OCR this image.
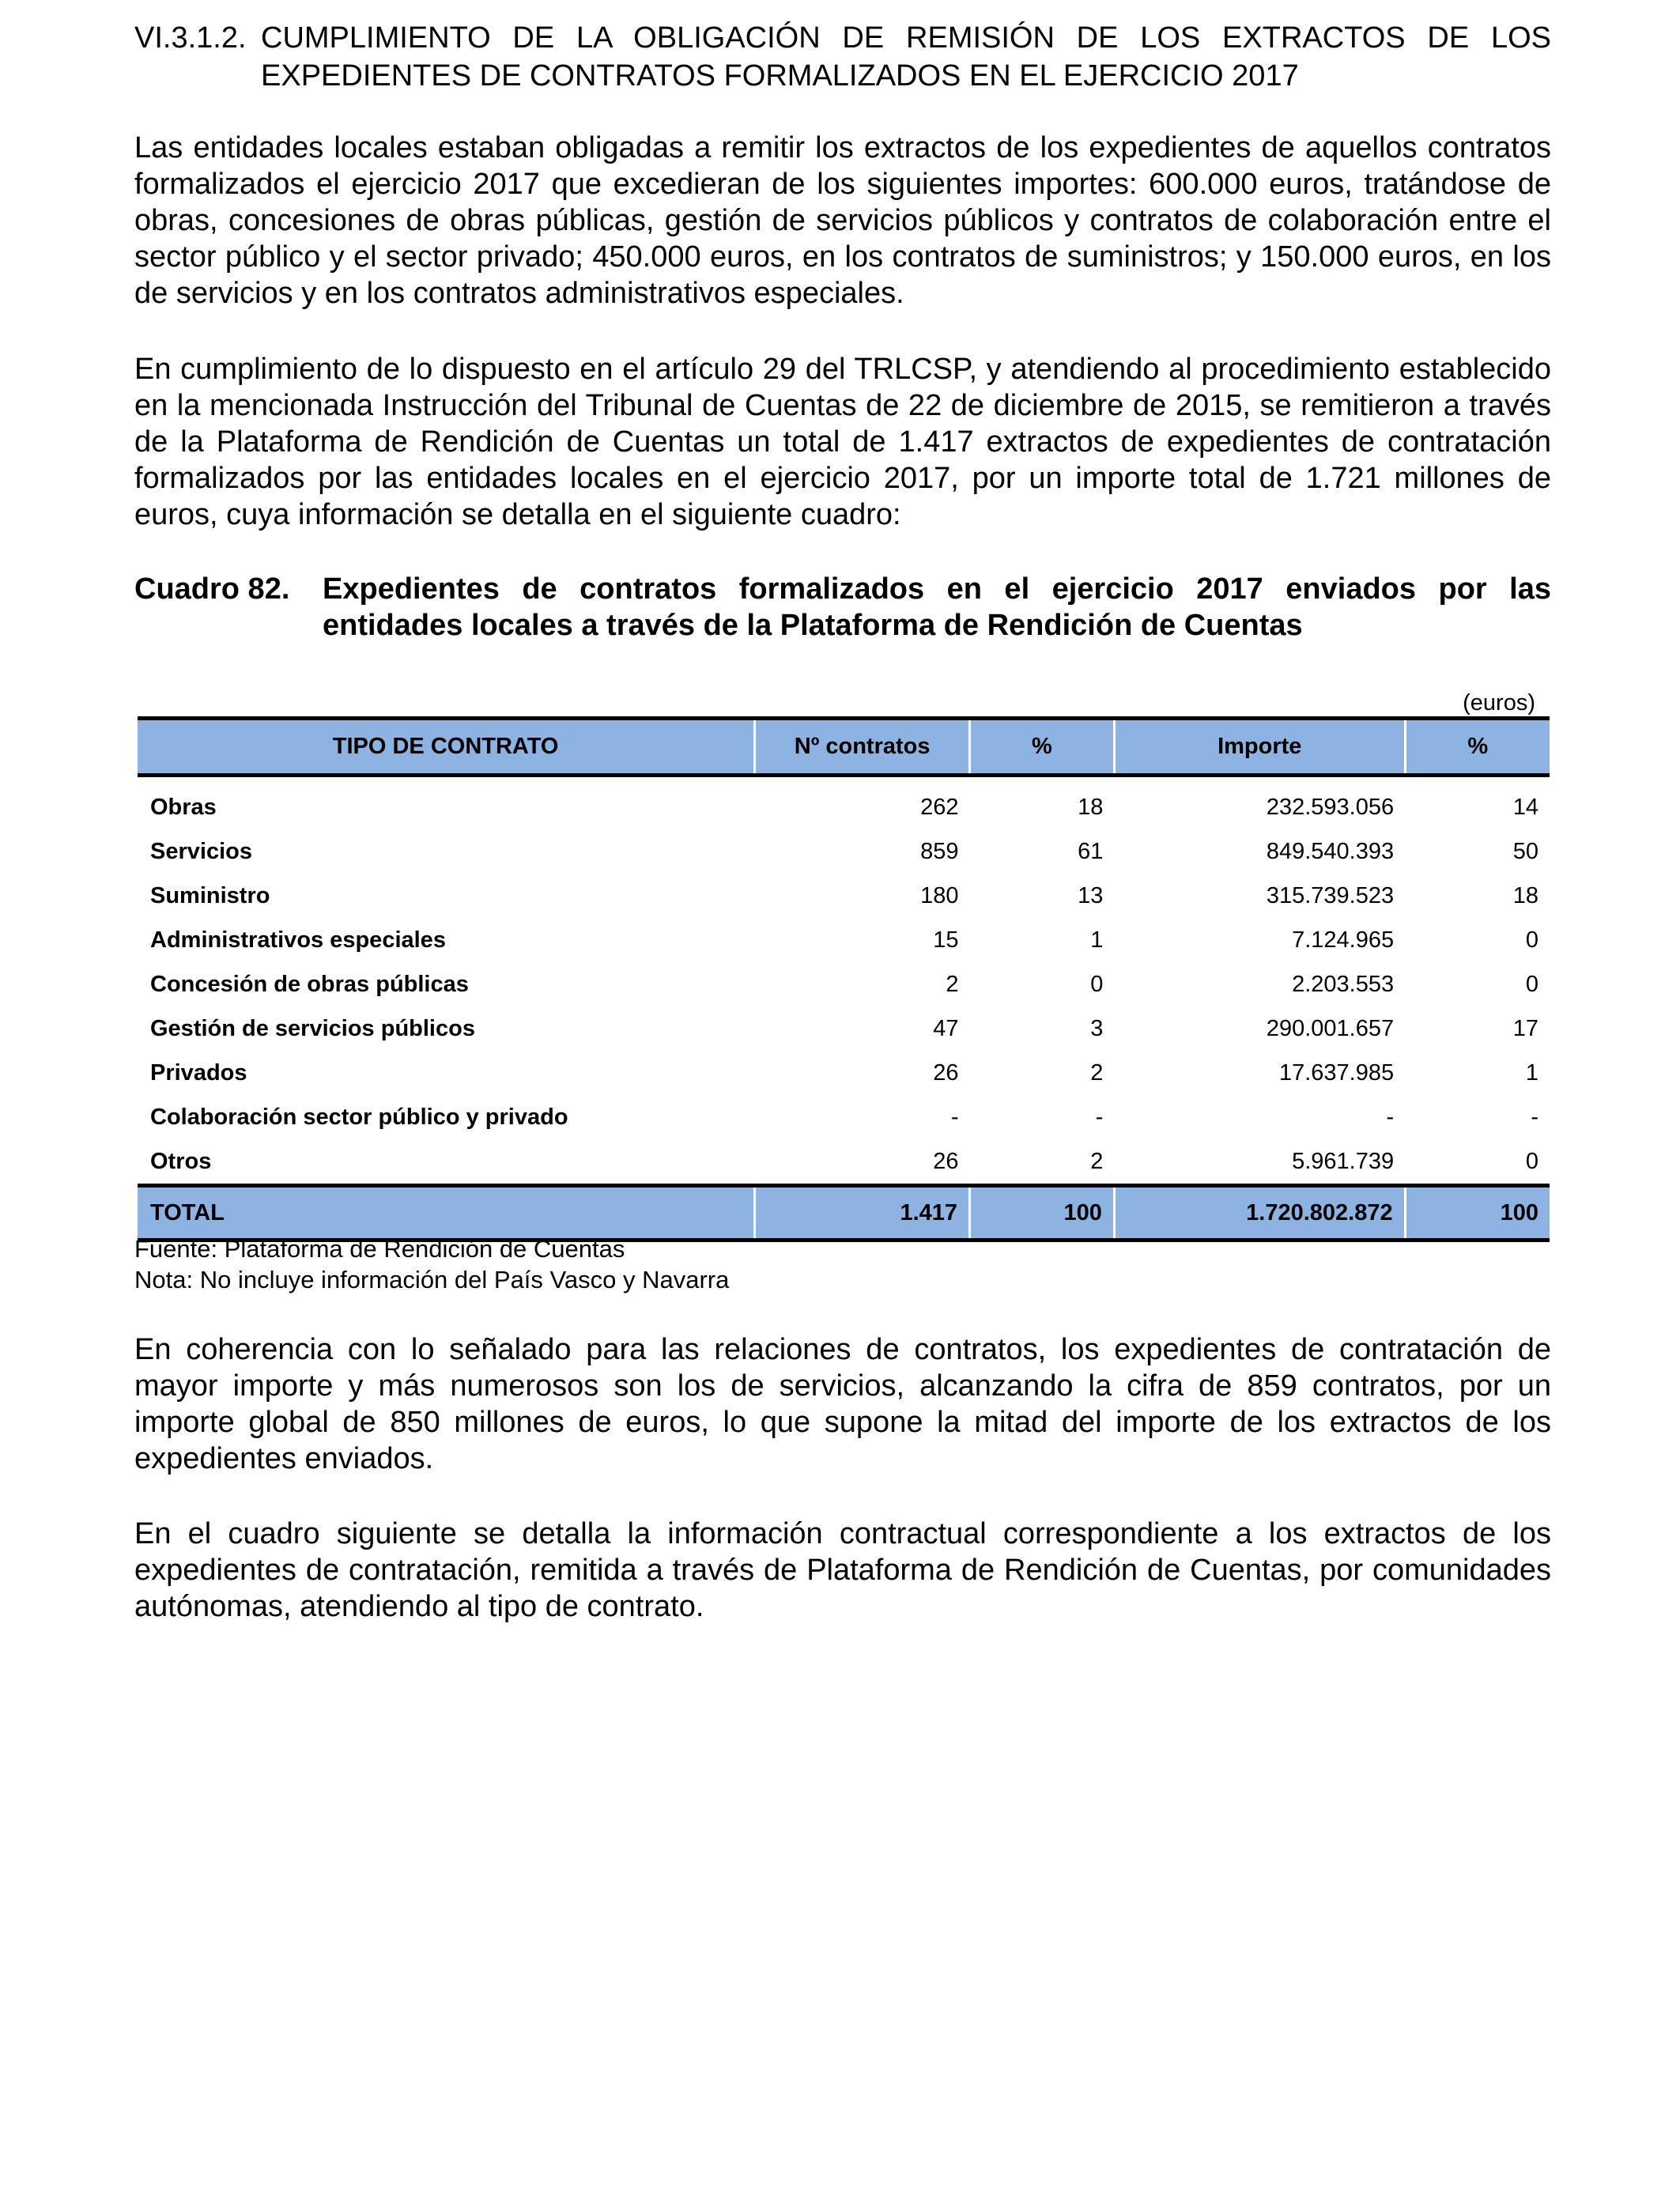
VI.3.1.2. CUMPLIMIENTO DE LA OBLIGACIÓN DE REMISIÓN DE LOS EXTRACTOS DE LOS EXPEDIENTES DE CONTRATOS FORMALIZADOS EN EL EJERCICIO 2017

Las entidades locales estaban obligadas a remitir los extractos de los expedientes de aquellos contratos formalizados el ejercicio 2017 que excedieran de los siguientes importes: 600.000 euros, tratándose de obras, concesiones de obras públicas, gestión de servicios públicos y contratos de colaboración entre el sector público y el sector privado; 450.000 euros, en los contratos de suministros; y 150.000 euros, en los de servicios y en los contratos administrativos especiales.

En cumplimiento de lo dispuesto en el artículo 29 del TRLCSP, y atendiendo al procedimiento establecido en la mencionada Instrucción del Tribunal de Cuentas de 22 de diciembre de 2015, se remitieron a través de la Plataforma de Rendición de Cuentas un total de 1.417 extractos de expedientes de contratación formalizados por las entidades locales en el ejercicio 2017, por un importe total de 1.721 millones de euros, cuya información se detalla en el siguiente cuadro:

Cuadro 82. Expedientes de contratos formalizados en el ejercicio 2017 enviados por las entidades locales a través de la Plataforma de Rendición de Cuentas
(euros)
TIPO DE CONTRATO	Nº contratos	%	Importe	%
Obras	262	18	232.593.056	14
Servicios	859	61	849.540.393	50
Suministro	180	13	315.739.523	18
Administrativos especiales	15	1	7.124.965	0
Concesión de obras públicas	2	0	2.203.553	0
Gestión de servicios públicos	47	3	290.001.657	17
Privados	26	2	17.637.985	1
Colaboración sector público y privado	-	-	-	-
Otros	26	2	5.961.739	0
TOTAL	1.417	100	1.720.802.872	100
Fuente: Plataforma de Rendición de Cuentas
Nota: No incluye información del País Vasco y Navarra

En coherencia con lo señalado para las relaciones de contratos, los expedientes de contratación de mayor importe y más numerosos son los de servicios, alcanzando la cifra de 859 contratos, por un importe global de 850 millones de euros, lo que supone la mitad del importe de los extractos de los expedientes enviados.

En el cuadro siguiente se detalla la información contractual correspondiente a los extractos de los expedientes de contratación, remitida a través de Plataforma de Rendición de Cuentas, por comunidades autónomas, atendiendo al tipo de contrato.
